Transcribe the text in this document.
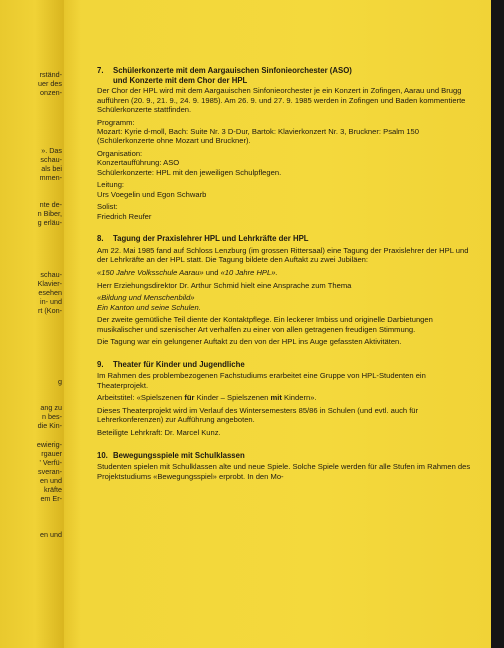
rständ-
uer des
onzen-
». Das
schau-
als bei
mmen-
nte de-
n Biber,
g erläu-
schau-
Klavier-
esehen
in- und
rt (Kon-
g
ang zu
n bes-
die Kin-
ewierig-
rgauer
' Verfü-
sveran-
en und
kräfte
em Er-
en und
7. Schülerkonzerte mit dem Aargauischen Sinfonieorchester (ASO)
und Konzerte mit dem Chor der HPL

Der Chor der HPL wird mit dem Aargauischen Sinfonieorchester je ein Konzert in Zofingen, Aarau und Brugg aufführen (20. 9., 21. 9., 24. 9. 1985). Am 26. 9. und 27. 9. 1985 werden in Zofingen und Baden kommentierte Schülerkonzerte stattfinden.

Programm:

Mozart: Kyrie d-moll, Bach: Suite Nr. 3 D-Dur, Bartok: Klavierkonzert Nr. 3, Bruckner: Psalm 150 (Schülerkonzerte ohne Mozart und Bruckner).

Organisation:
Konzertaufführung: ASO

Schülerkonzerte: HPL mit den jeweiligen Schulpflegen.

Leitung:

Urs Voegelin und Egon Schwarb

Solist:

Friedrich Reufer

8. Tagung der Praxislehrer HPL und Lehrkräfte der HPL

Am 22. Mai 1985 fand auf Schloss Lenzburg (im grossen Rittersaal) eine Tagung der Praxislehrer der HPL und der Lehrkräfte an der HPL statt. Die Tagung bildete den Auftakt zu zwei Jubiläen:

«150 Jahre Volksschule Aarau» und «10 Jahre HPL».

Herr Erziehungsdirektor Dr. Arthur Schmid hielt eine Ansprache zum Thema

«Bildung und Menschenbild»

Ein Kanton und seine Schulen.

Der zweite gemütliche Teil diente der Kontaktpflege. Ein leckerer Imbiss und originelle Darbietungen musikalischer und szenischer Art verhalfen zu einer von allen getragenen freudigen Stimmung.

Die Tagung war ein gelungener Auftakt zu den von der HPL ins Auge gefassten Aktivitäten.

9. Theater für Kinder und Jugendliche

Im Rahmen des problembezogenen Fachstudiums erarbeitet eine Gruppe von HPL-Studenten ein Theaterprojekt.

Arbeitstitel: «Spielszenen für Kinder – Spielszenen mit Kindern».

Dieses Theaterprojekt wird im Verlauf des Wintersemesters 85/86 in Schulen (und evtl. auch für Lehrerkonferenzen) zur Aufführung angeboten.

Beteiligte Lehrkraft: Dr. Marcel Kunz.

10. Bewegungsspiele mit Schulklassen

Studenten spielen mit Schulklassen alte und neue Spiele. Solche Spiele werden für alle Stufen im Rahmen des Projektstudiums «Bewegungsspiel» erprobt. In den Mo-
